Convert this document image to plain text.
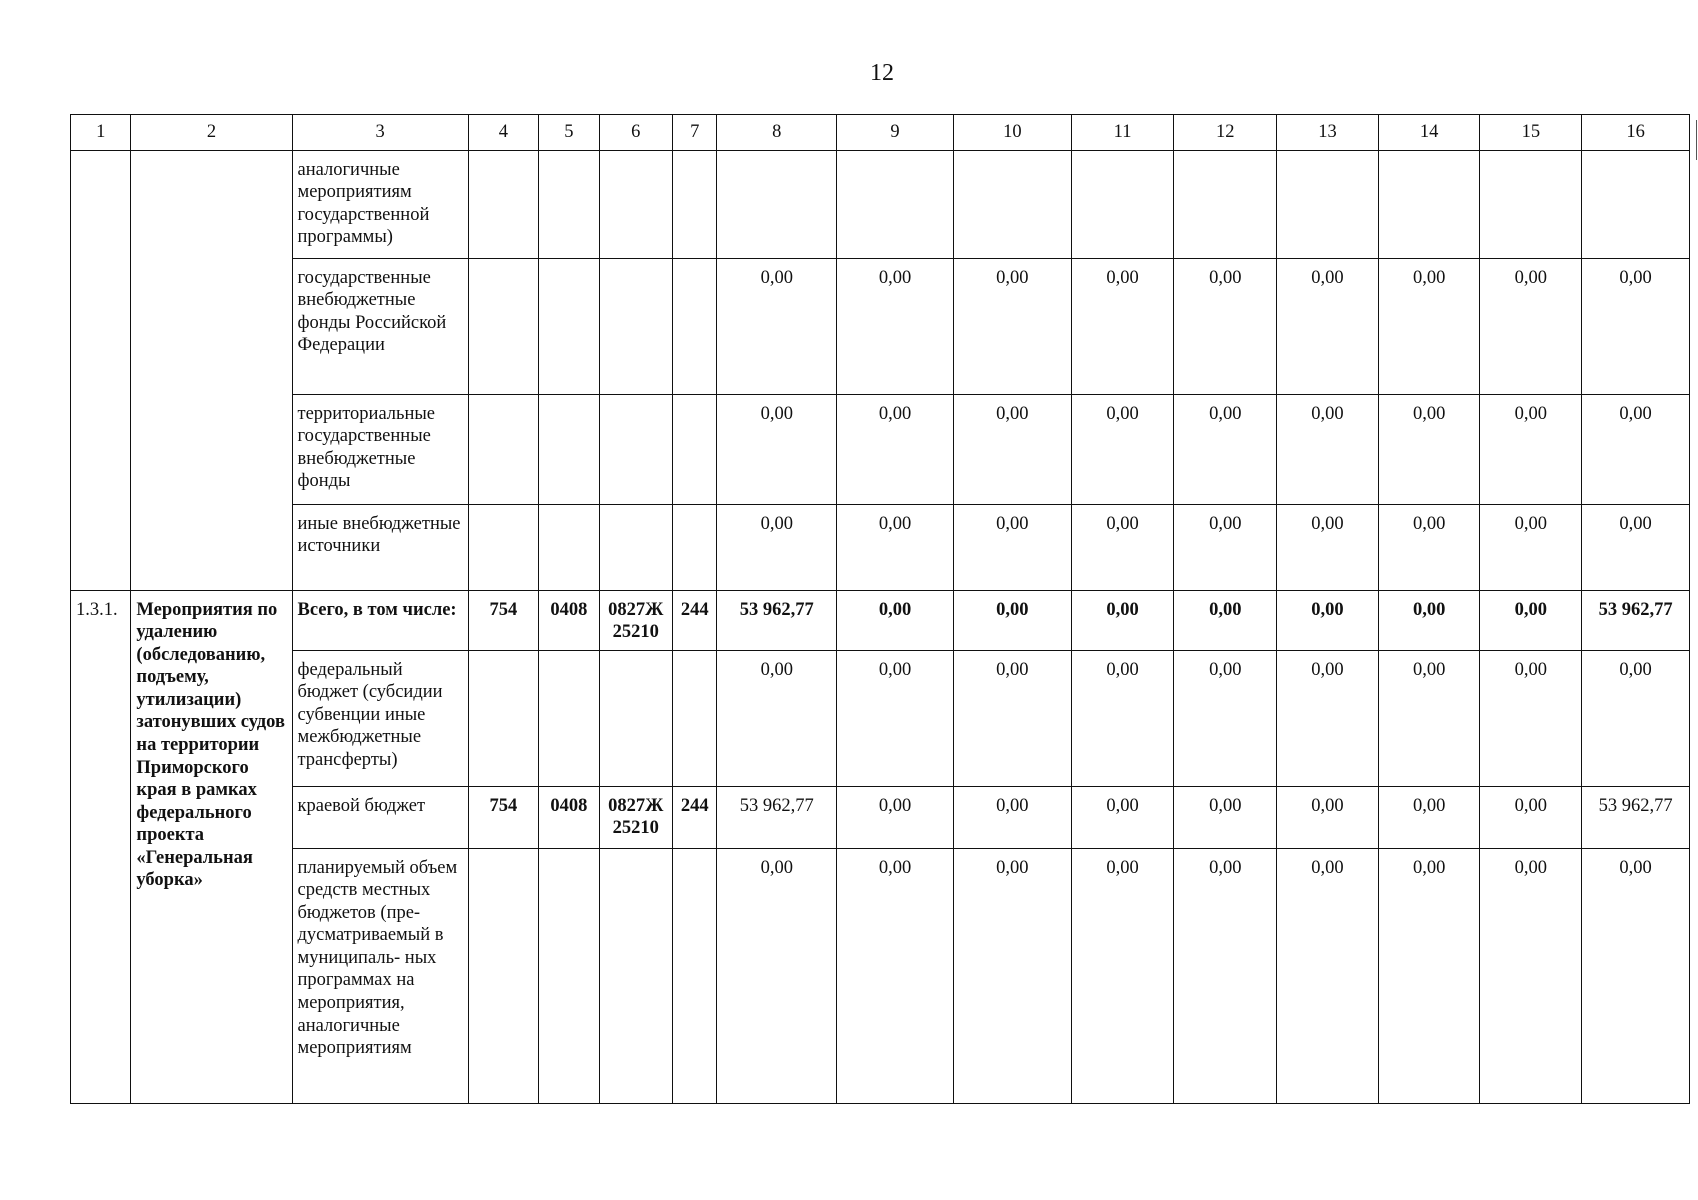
12
1	2	3	4	5	6	7	8	9	10	11	12	13	14	15	16
		аналогичные мероприятиям государственной программы)													
		государственные внебюджетные фонды Российской Федерации					0,00	0,00	0,00	0,00	0,00	0,00	0,00	0,00	0,00
		территориальные государственные внебюджетные фонды					0,00	0,00	0,00	0,00	0,00	0,00	0,00	0,00	0,00
		иные внебюджетные источники					0,00	0,00	0,00	0,00	0,00	0,00	0,00	0,00	0,00
1.3.1.	Мероприятия по удалению (обследованию, подъему, утилизации) затонувших судов на территории Приморского края в рамках федерального проекта «Генеральная уборка»	Всего, в том числе:	754	0408	0827Ж 25210	244	53 962,77	0,00	0,00	0,00	0,00	0,00	0,00	0,00	53 962,77
		федеральный бюджет (субсидии субвенции иные межбюджетные трансферты)					0,00	0,00	0,00	0,00	0,00	0,00	0,00	0,00	0,00
		краевой бюджет	754	0408	0827Ж 25210	244	53 962,77	0,00	0,00	0,00	0,00	0,00	0,00	0,00	53 962,77
		планируемый объем средств местных бюджетов (пре- дусматриваемый в муниципаль- ных программах на мероприятия, аналогичные мероприятиям					0,00	0,00	0,00	0,00	0,00	0,00	0,00	0,00	0,00
